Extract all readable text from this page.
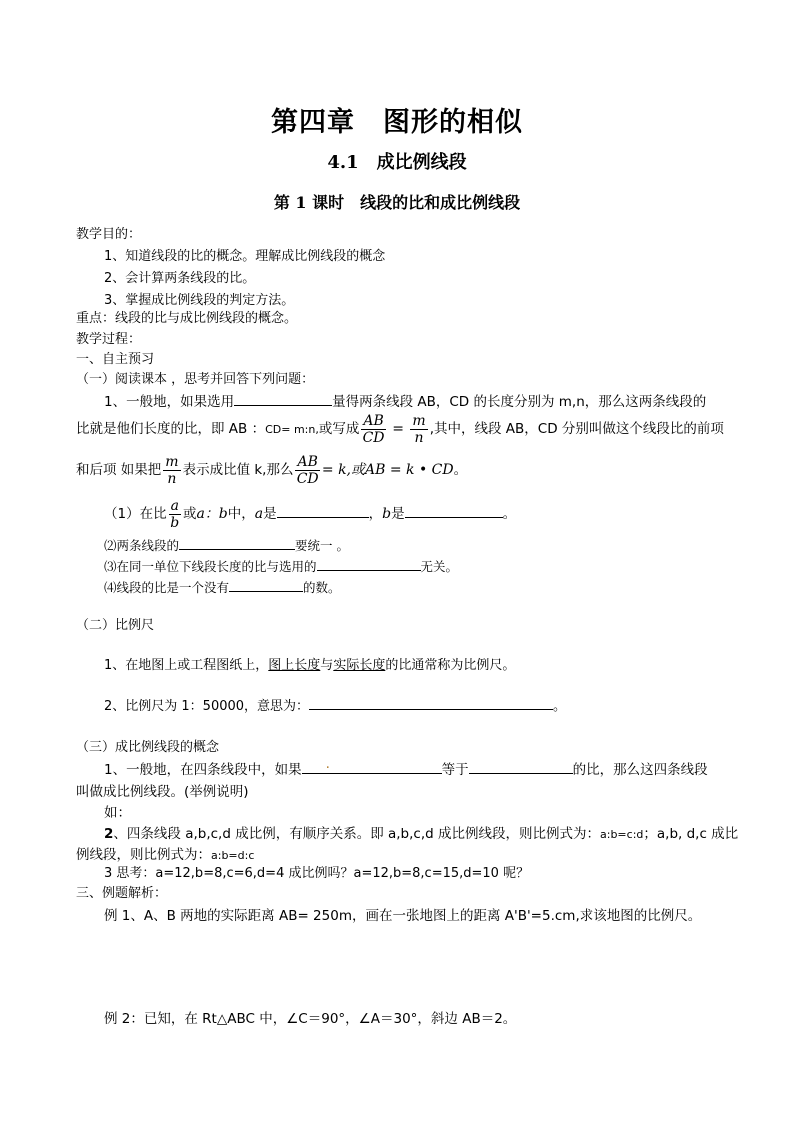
第四章　图形的相似
4.1　成比例线段
第 1 课时　线段的比和成比例线段
教学目的：
1、知道线段的比的概念。理解成比例线段的概念
2、会计算两条线段的比。
3、掌握成比例线段的判定方法。
重点：线段的比与成比例线段的概念。
教学过程：
一、自主预习
（一）阅读课本 ，思考并回答下列问题：
1、一般地，如果选用	量得两条线段 AB，CD 的长度分别为 m,n，那么这两条线段的
比就是他们长度的比，即 AB ：CD= m:n,或写成 $\frac{AB}{CD} = \frac{m}{n}$ ,其中，线段 AB，CD 分别叫做这个线段比的前项
和后项 如果把 $\frac{m}{n}$ 表示成比值 k,那么 $\frac{AB}{CD} = k$,或AB = k • CD。
（1）在比 $\frac{a}{b}$ 或a：b中，a是	，b是	。
⑵两条线段的	要统一 。
⑶在同一单位下线段长度的比与选用的	无关。
⑷线段的比是一个没有	的数。
（二）比例尺
1、在地图上或工程图纸上，图上长度与实际长度的比通常称为比例尺。
2、比例尺为 1：50000，意思为：	。
（三）成比例线段的概念
1、一般地，在四条线段中，如果 .	等于	的比，那么这四条线段
叫做成比例线段。(举例说明)
如：
2、四条线段 a,b,c,d 成比例，有顺序关系。即 a,b,c,d 成比例线段，则比例式为：a:b=c:d；a,b, d,c 成比
例线段，则比例式为：a:b=d:c
3 思考：a=12,b=8,c=6,d=4 成比例吗？a=12,b=8,c=15,d=10 呢？
三、例题解析：
例 1、A、B 两地的实际距离 AB= 250m，画在一张地图上的距离 A'B'=5.cm,求该地图的比例尺。
例 2：已知，在 Rt△ABC 中，∠C＝90°，∠A＝30°，斜边 AB＝2。
